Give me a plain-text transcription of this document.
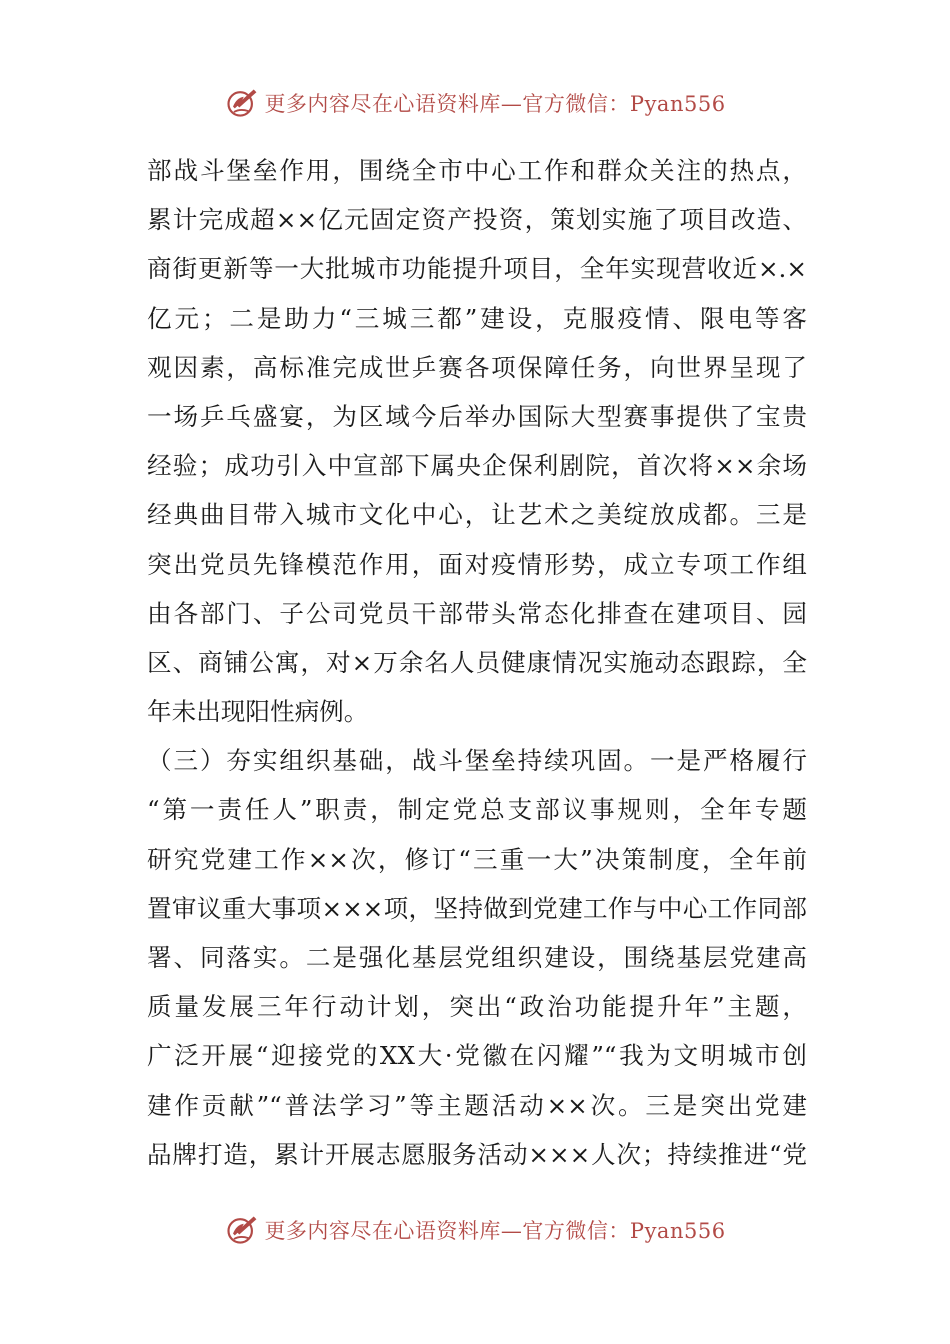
更多内容尽在心语资料库—官方微信：Pyan556
部战斗堡垒作用，围绕全市中心工作和群众关注的热点，
累计完成超××亿元固定资产投资，策划实施了项目改造、
商街更新等一大批城市功能提升项目，全年实现营收近×.×
亿元；二是助力“三城三都”建设，克服疫情、限电等客
观因素，高标准完成世乒赛各项保障任务，向世界呈现了
一场乒乓盛宴，为区域今后举办国际大型赛事提供了宝贵
经验；成功引入中宣部下属央企保利剧院，首次将××余场
经典曲目带入城市文化中心，让艺术之美绽放成都。三是
突出党员先锋模范作用，面对疫情形势，成立专项工作组
由各部门、子公司党员干部带头常态化排查在建项目、园
区、商铺公寓，对×万余名人员健康情况实施动态跟踪，全
年未出现阳性病例。
（三）夯实组织基础，战斗堡垒持续巩固。一是严格履行
“第一责任人”职责，制定党总支部议事规则，全年专题
研究党建工作××次，修订“三重一大”决策制度，全年前
置审议重大事项×××项，坚持做到党建工作与中心工作同部
署、同落实。二是强化基层党组织建设，围绕基层党建高
质量发展三年行动计划，突出“政治功能提升年”主题，
广泛开展“迎接党的XX大·党徽在闪耀”“我为文明城市创
建作贡献”“普法学习”等主题活动××次。三是突出党建
品牌打造，累计开展志愿服务活动×××人次；持续推进“党
更多内容尽在心语资料库—官方微信：Pyan556
